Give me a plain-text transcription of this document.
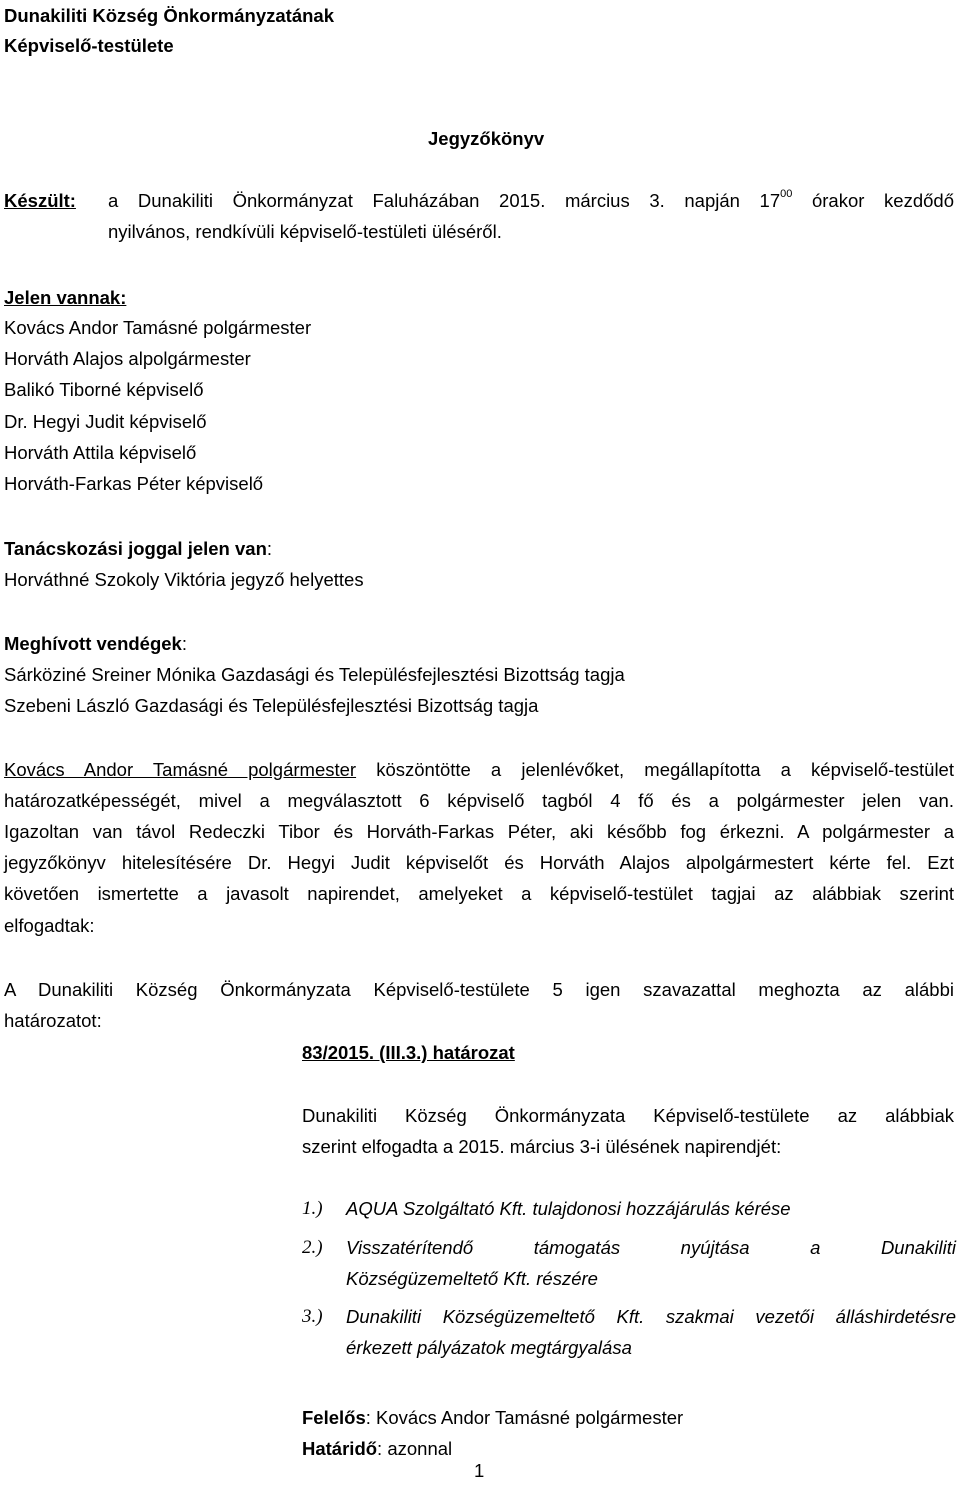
Dunakiliti Község Önkormányzatának
Képviselő-testülete
Jegyzőkönyv
Készült: a Dunakiliti Önkormányzat Faluházában 2015. március 3. napján $17^{00}$ órakor kezdődő
nyilvános, rendkívüli képviselő-testületi üléséről.
Jelen vannak:
Kovács Andor Tamásné polgármester
Horváth Alajos alpolgármester
Balikó Tiborné képviselő
Dr. Hegyi Judit képviselő
Horváth Attila képviselő
Horváth-Farkas Péter képviselő
Tanácskozási joggal jelen van:
Horváthné Szokoly Viktória jegyző helyettes
Meghívott vendégek:
Sárköziné Sreiner Mónika Gazdasági és Településfejlesztési Bizottság tagja
Szebeni László Gazdasági és Településfejlesztési Bizottság tagja
Kovács Andor Tamásné polgármester köszöntötte a jelenlévőket, megállapította a képviselő-testület
határozatképességét, mivel a megválasztott 6 képviselő tagból 4 fő és a polgármester jelen van.
Igazoltan van távol Redeczki Tibor és Horváth-Farkas Péter, aki később fog érkezni. A polgármester a
jegyzőkönyv hitelesítésére Dr. Hegyi Judit képviselőt és Horváth Alajos alpolgármestert kérte fel. Ezt
követően ismertette a javasolt napirendet, amelyeket a képviselő-testület tagjai az alábbiak szerint
elfogadtak:
A Dunakiliti Község Önkormányzata Képviselő-testülete 5 igen szavazattal meghozta az alábbi
határozatot:
83/2015. (III.3.) határozat
Dunakiliti Község Önkormányzata Képviselő-testülete az alábbiak
szerint elfogadta a 2015. március 3-i ülésének napirendjét:
1.) AQUA Szolgáltató Kft. tulajdonosi hozzájárulás kérése
2.) Visszatérítendő támogatás nyújtása a Dunakiliti
Községüzemeltető Kft. részére
3.) Dunakiliti Községüzemeltető Kft. szakmai vezetői álláshirdetésre
érkezett pályázatok megtárgyalása
Felelős: Kovács Andor Tamásné polgármester
Határidő: azonnal
1
